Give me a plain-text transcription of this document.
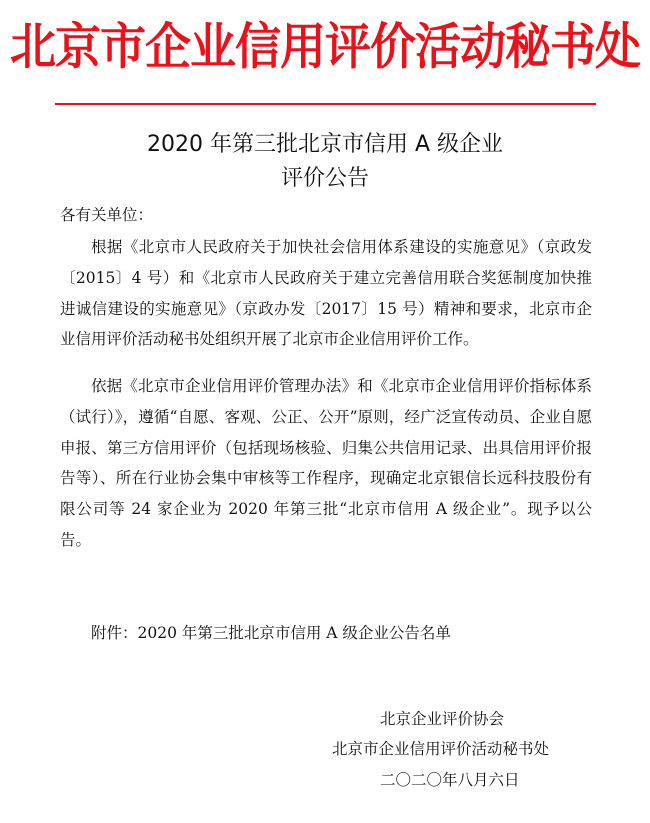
北京市企业信用评价活动秘书处
2020 年第三批北京市信用 A 级企业
评价公告
各有关单位：
根据《北京市人民政府关于加快社会信用体系建设的实施意见》（京政发〔2015〕4 号）和《北京市人民政府关于建立完善信用联合奖惩制度加快推进诚信建设的实施意见》（京政办发〔2017〕15 号）精神和要求，北京市企业信用评价活动秘书处组织开展了北京市企业信用评价工作。
依据《北京市企业信用评价管理办法》和《北京市企业信用评价指标体系（试行）》，遵循“自愿、客观、公正、公开”原则，经广泛宣传动员、企业自愿申报、第三方信用评价（包括现场核验、归集公共信用记录、出具信用评价报告等）、所在行业协会集中审核等工作程序，现确定北京银信长远科技股份有限公司等 24 家企业为 2020 年第三批“北京市信用 A 级企业”。现予以公告。
附件：2020 年第三批北京市信用 A 级企业公告名单
北京企业评价协会
北京市企业信用评价活动秘书处
二〇二〇年八月六日
